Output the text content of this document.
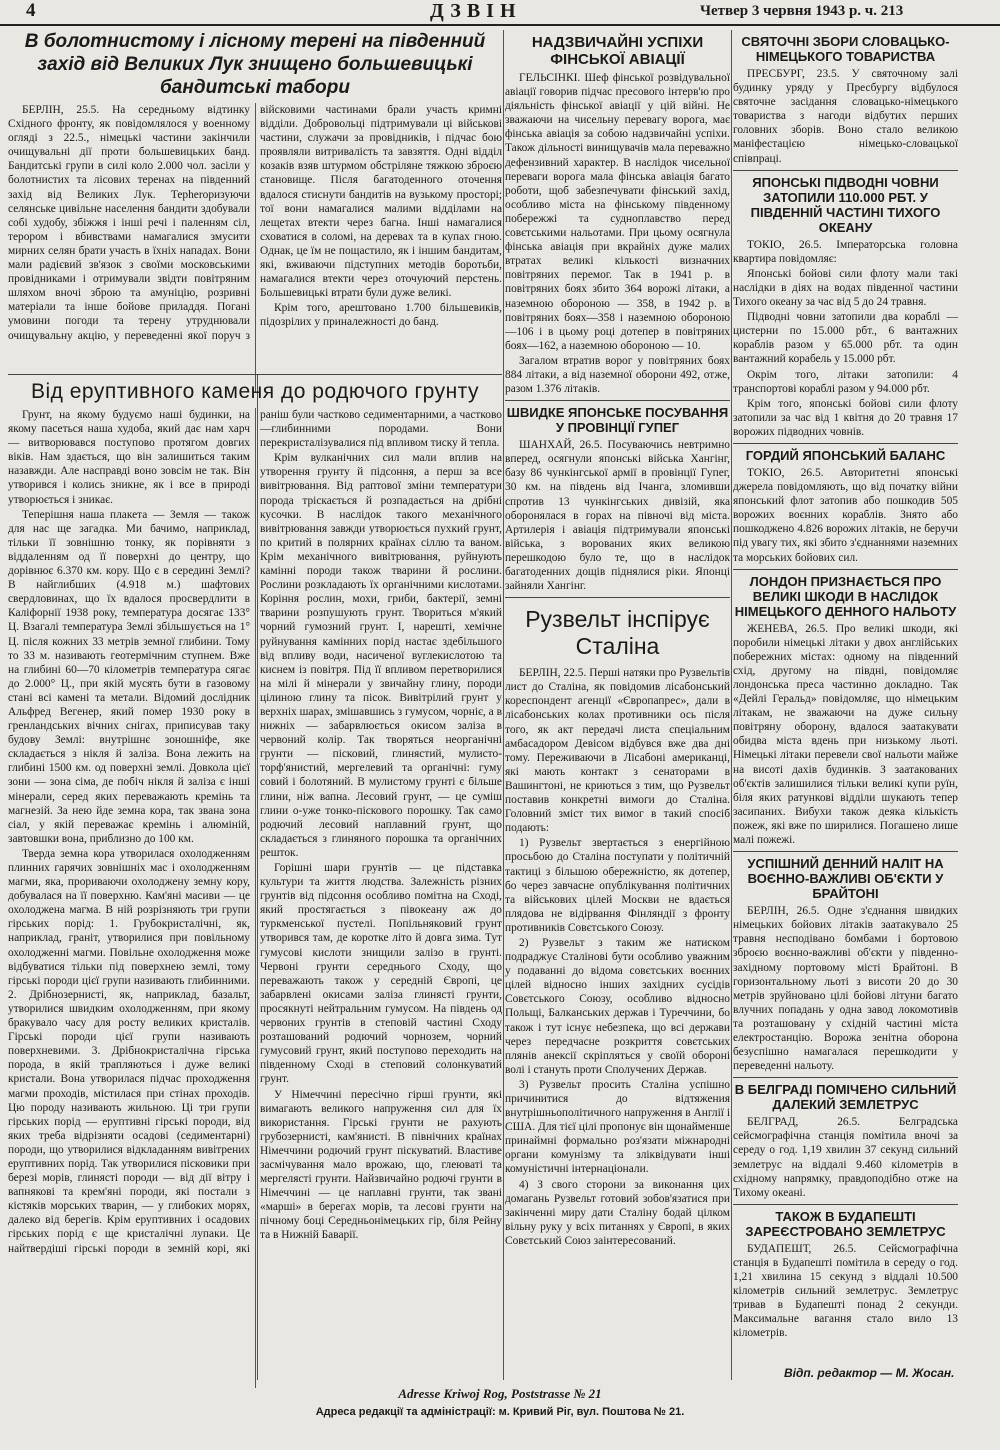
4	ДЗВІН	Четвер 3 червня 1943 р. ч. 213
В болотнистому і лісному терені на південний захід від Великих Лук знищено большевицькі бандитські табори

БЕРЛІН, 25.5. На середньому відтинку Східного фронту, як повідомлялося у военному огляді з 22.5., німецькі частини закінчили очищувальні дії проти большевицьких банд. Бандитські групи в силі коло 2.000 чол. засіли у болотнистих та лісових теренах на південний захід від Великих Лук. Терherоризуючи селянське цивільне населення бандити здобували собі худобу, збіжжя і інші речі і паленням сіл, терором і вбивствами намагалися змусити мирних селян брати участь в їхніх нападах. Вони мали радієвий зв'язок з своїми московськими провідниками і отримували звідти повітряним шляхом вночі зброю та амуніцію, розривні матеріали та інше бойове приладдя. Погані умовини погоди та терену утруднювали очищувальну акцію, у переведенні якої поруч з війсковими частинами брали участь кримні відділи. Добровольці підтримували ці військові частини, служачи за провідників, і підчас бою проявляли витривалість та завзяття. Одні відділ козаків взяв штурмом обстріляне тяжкою зброєю становище. Після багатоденного оточення вдалося стиснути бандитів на вузькому просторі; тої вони намагалися малими відділами на лещетах втекти через багна. Інші намагалися сховатися в соломі, на деревах та в купах гною. Однак, це їм не пощастило, як і іншим бандитам, які, вживаючи підступних методів боротьби, намагалися втекти через оточуючий перстень. Большевицькі втрати були дуже великі.

Крім того, арештовано 1.700 більшевиків, підозрілих у приналежності до банд.

Від еруптивного каменя до родючого грунту

Грунт, на якому будуємо наші будинки, на якому пасеться наша худоба, який дає нам харч — витворювався поступово протягом довгих віків. Нам здається, що він залишиться таким назавжди. Але насправді воно зовсім не так. Він утворився і колись зникне, як і все в природі утворюється і зникає.

Теперішня наша плакета — Земля — також для нас ще загадка. Ми бачимо, наприклад, тільки її зовнішню тонку, як порівняти з віддаленням од її поверхні до центру, що дорівнює 6.370 км. кору. Що є в середині Землі? В найглибших (4.918 м.) шафтових свердловинах, що їх вдалося просвердлити в Каліфорнії 1938 року, температура досягає 133° Ц. Взагалі температура Землі збільшується на 1° Ц. після кожних 33 метрів земної глибини. Тому то 33 м. називають геотермічним ступнем. Вже на глибині 60—70 кілометрів температура сягає до 2.000° Ц., при якій мусять бути в газовому стані всі камені та метали. Відомий дослідник Альфред Вегенер, який помер 1930 року в гренландських вічних снігах, приписував таку будову Землі: внутрішнє зоношніфе, яке складається з нікля й заліза. Вона лежить на глибині 1500 км. од поверхні землі. Довкола цієї зони — зона сіма, де побіч нікля й заліза є інші мінерали, серед яких переважають кремінь та магнезій. За нею йде земна кора, так звана зона сіал, у якій переважає кремінь і алюміній, завтовшки вона, приблизно до 100 км.

Тверда земна кора утворилася охолодженням плинних гарячих зовнішніх мас і охолодженням магми, яка, прориваючи охолоджену земну кору, добувалася на її поверхню. Кам'яні масиви — це охолоджена магма. В ній розрізняють три групи гірських порід: 1. Грубокристалічні, як, наприклад, граніт, утворилися при повільному охолодженні магми. Повільне охолодження може відбуватися тільки під поверхнею землі, тому гірські породи цієї групи називають глибинними. 2. Дрібнозернисті, як, наприклад, базальт, утворилися швидким охолодженням, при якому бракувало часу для росту великих кристалів. Гірські породи цієї групи називають поверхневими. 3. Дрібнокристалічна гірська порода, в якій трапляються і дуже великі кристали. Вона утворилася підчас проходження магми проходів, містилася при стінах проходів. Цю породу називають жильною. Ці три групи гірських порід — еруптивні гірські породи, від яких треба відрізняти осадові (седиментарні) породи, що утворилися відкладанням вивітрених еруптивних порід. Так утворилися пісковики при березі морів, глинясті породи — від дії вітру і вапнякові та крем'яні породи, які постали з кістяків морських тварин, — у глибоких морях, далеко від берегів. Крім еруптивних і осадових гірських порід є ще кристалічні лупаки. Це найтвердіші гірські породи в земній корі, які раніш були частково седиментарними, а частково—глибинними породами. Вони перекристалізувалися під впливом тиску й тепла.

Крім вулканічних сил мали вплив на утворення грунту й підсоння, а перш за все вивітрювання. Від раптової зміни температури порода тріскається й розпадається на дрібні кусочки. В наслідок такого механічного вивітрювання завжди утворюється пухкий грунт, по критий в полярних країнах сіллю та ваном. Крім механічного вивітрювання, руйнують камінні породи також тварини й рослини. Рослини розкладають їх органічними кислотами. Коріння рослин, мохи, гриби, бактерії, земні тварини розпушують грунт. Твориться м'який чорний гумозний грунт. І, нарешті, хемічне руйнування камінних порід настає здебільшого від впливу води, насиченої вуглекислотою та киснем із повітря. Під її впливом перетворилися на мілі й мінерали у звичайну глину, породи цілиною глину та пісок. Вивітрілий грунт у верхніх шарах, змішавшись з гумусом, чорніє, а в нижніх — забарвлюється окисом заліза в червоний колір. Так творяться неорганічні грунти — пісковий, глинястий, мулисто-торф'янистий, мергелевий та органічні: гуму совий і болотяний. В мулистому грунті є більше глини, ніж вапна. Лесовий грунт, — це суміш глини о-уже тонко-піскового порошку. Так само родючий лесовий наплавний грунт, що складається з глиняного порошка та органічних решток.

Горішні шари грунтів — це підставка культури та життя людства. Залежність різних грунтів від підсоння особливо помітна на Сході, який простягається з півокеану аж до туркменської пустелі. Попільняковий грунт утворився там, де коротке літо й довга зима. Тут гумусові кислоти знищили залізо в грунті. Червоні грунти середнього Сходу, що переважають також у середній Європі, це забарвлені окисами заліза глинясті грунти, просякнуті нейтральним гумусом. На південь од червоних грунтів в степовій частині Сходу розташований родючий чорнозем, чорний гумусовий грунт, який поступово переходить на південному Сході в степовий солонкуватий грунт.

У Німеччині пересічно гірші грунти, які вимагають великого напруження сил для їх використання. Гірські грунти не рахують грубозернисті, кам'янисті. В північних країнах Німеччини родючий грунт піскуватий. Властиве засмічування мало врожаю, що, глеюваті та мергелясті грунти. Найзвичайно родючі грунти в Німеччині — це наплавні грунти, так звані «марші» в берегах морів, та лесові грунти на пічному боці Середньонімецьких гір, біля Рейну та в Нижній Баварії.

НАДЗВИЧАЙНІ УСПІХИ ФІНСЬКОЇ АВІАЦІЇ

ГЕЛЬСІНКІ. Шеф фінської розвідувальної авіації говорив підчас пресового інтерв'ю про діяльність фінської авіації у цій війні. Не зважаючи на чисельну перевагу ворога, має фінська авіація за собою надзвичайні успіхи. Також дільності винищувачів мала переважно дефензивний характер. В наслідок чисельної переваги ворога мала фінська авіація багато роботи, щоб забезпечувати фінський захід, особливо міста на фінському південному побережжі та судноплавство перед совєтськими нальотами. При цьому осягнула фінська авіація при вкрайніх дуже малих втратах великі кількості визначних повітряних перемог. Так в 1941 р. в повітряних боях збито 364 ворожі літаки, а наземною обороною — 358, в 1942 р. в повітряних боях—358 і наземною обороною—106 і в цьому році дотепер в повітряних боях—162, а наземною обороною — 10.

Загалом втратив ворог у повітряних боях 884 літаки, а від наземної оборони 492, отже, разом 1.376 літаків.

ШВИДКЕ ЯПОНСЬКЕ ПОСУВАННЯ У ПРОВІНЦІЇ ГУПЕГ

ШАНХАЙ, 26.5. Посуваючись невтримно вперед, осягнули японські війська Хангінг, базу 86 чункінгської армії в провінції Гупег, 30 км. на південь від Ічанга, зломивши спротив 13 чункінгських дивізій, яка оборонялася в горах на півночі від міста. Артилерія і авіація підтримували японські війська, з ворованих яких великою перешкодою було те, що в наслідок багатоденних дощів піднялися ріки. Японці зайняли Хангінг.

Рузвельт інспірує Сталіна

БЕРЛІН, 22.5. Перші натяки про Рузвельтів лист до Сталіна, як повідомив лісабонський кореспондент агенції «Європапрес», дали в лісабонських колах противники ось після того, як акт передачі листа спеціальним амбасадором Девісом відбувся вже два дні тому. Переживаючи в Лісабоні американці, які мають контакт з сенаторами в Вашингтоні, не криються з тим, що Рузвельт поставив конкретні вимоги до Сталіна. Головний зміст тих вимог в такий спосіб подають:

1) Рузвельт звертається з енергійною просьбою до Сталіна поступати у політичній тактиці з більшою обережністю, як дотепер, бо через завчасне опублікування політичних та військових цілей Москви не вдається плядова не відірвання Фінляндії з фронту противників Совєтського Союзу.

2) Рузвельт з таким же натиском подраджує Сталінові бути особливо уважним у подаванні до відома совєтських воєнних цілей відносно інших західних сусідів Совєтського Союзу, особливо відносно Польщі, Балканських держав і Туреччини, бо також і тут існує небезпека, що всі держави через передчасне розкриття совєтських плянів анексії скріпляться у своїй обороні волі і стануть проти Сполучених Держав.

3) Рузвельт просить Сталіна успішно причинитися до відтяжения внутрішньополітичного напруження в Англії і США. Для тієї цілі пропонує він щонайменше принаймні формально роз'язати міжнародні органи комунізму та зліквідувати інші комуністичні інтернаціонали.

4) З свого сторони за виконання цих домагань Рузвельт готовий зобов'язатися при закінченні миру дати Сталіну бодай цілком вільну руку у всіх питаннях у Європі, в яких Совєтський Союз заінтересований.

СВЯТОЧНІ ЗБОРИ СЛОВАЦЬКО-НІМЕЦЬКОГО ТОВАРИСТВА

ПРЕСБУРГ, 23.5. У святочному залі будинку уряду у Пресбургу відбулося святочне засідання словацько-німецького товариства з нагоди відбутих перших головних зборів. Воно стало великою маніфестацією німецько-словацької співпраці.

ЯПОНСЬКІ ПІДВОДНІ ЧОВНИ ЗАТОПИЛИ 110.000 РБТ. У ПІВДЕННІЙ ЧАСТИНІ ТИХОГО ОКЕАНУ

ТОКІО, 26.5. Імператорська головна квартира повідомляє:

Японські бойові сили флоту мали такі наслідки в діях на водах південної частини Тихого океану за час від 5 до 24 травня.

Підводні човни затопили два кораблі — цистерни по 15.000 рбт., 6 вантажних кораблів разом у 65.000 рбт. та один вантажний корабель у 15.000 рбт.

Окрім того, літаки затопили: 4 транспортові кораблі разом у 94.000 рбт.

Крім того, японські бойові сили флоту затопили за час від 1 квітня до 20 травня 17 ворожих підводних човнів.

ГОРДИЙ ЯПОНСЬКИЙ БАЛАНС

ТОКІО, 26.5. Авторитетні японські джерела повідомляють, що від початку війни японський флот затопив або пошкодив 505 ворожих воєнних кораблів. Знято або пошкоджено 4.826 ворожих літаків, не беручи під увагу тих, які збито з'єднаннями наземних та морських бойових сил.

ЛОНДОН ПРИЗНАЄТЬСЯ ПРО ВЕЛИКІ ШКОДИ В НАСЛІДОК НІМЕЦЬКОГО ДЕННОГО НАЛЬОТУ

ЖЕНЕВА, 26.5. Про великі шкоди, які поробили німецькі літаки у двох англійських побережних містах: одному на південний схід, другому на півдні, повідомляє лондонська преса частинно докладно. Так «Дейлі Геральд» повідомляє, що німецьким літакам, не зважаючи на дуже сильну повітряну оборону, вдалося заатакувати обидва міста вдень при низькому льоті. Німецькі літаки перевели свої нальоти майже на висоті дахів будинків. З заатакованих об'єктів залишилися тільки великі купи руїн, біля яких ратункові відділи шукають тепер засипаних. Вибухи також деяка кількість пожеж, які вже по ширилися. Погашено лише малі пожежі.

УСПІШНИЙ ДЕННИЙ НАЛІТ НА ВОЄННО-ВАЖЛИВІ ОБ'ЄКТИ У БРАЙТОНІ

БЕРЛІН, 26.5. Одне з'єднання швидких німецьких бойових літаків заатакувало 25 травня несподівано бомбами і бортовою зброєю воєнно-важливі об'єкти у південно-західному портовому місті Брайтоні. В горизонтальному льоті з висоти 20 до 30 метрів зруйновано цілі бойові літуни багато влучних попадань у одна завод локомотивів та розташовану у східній частині міста електростанцію. Ворожа зенітна оборона безуспішно намагалася перешкодити у переведенні нальоту.

В БЕЛГРАДІ ПОМІЧЕНО СИЛЬНИЙ ДАЛЕКИЙ ЗЕМЛЕТРУС

БЕЛГРАД, 26.5. Белградська сейсмографічна станція помітила вночі за середу о год. 1,19 хвилин 37 секунд сильний землетрус на віддалі 9.460 кілометрів в східному напрямку, правдоподібно отже на Тихому океані.

ТАКОЖ В БУДАПЕШТІ ЗАРЕЄСТРОВАНО ЗЕМЛЕТРУС

БУДАПЕШТ, 26.5. Сейсмографічна станція в Будапешті помітила в середу о год. 1,21 хвилина 15 секунд з віддалі 10.500 кілометрів сильний землетрус. Землетрус тривав в Будапешті понад 2 секунди. Максимальне вагання стало вило 13 кілометрів.

Відп. редактор — М. Жосан.
Adresse Kriwoj Rog, Poststrasse № 21
Адреса редакції та адміністрації: м. Кривий Ріг, вул. Поштова № 21.
